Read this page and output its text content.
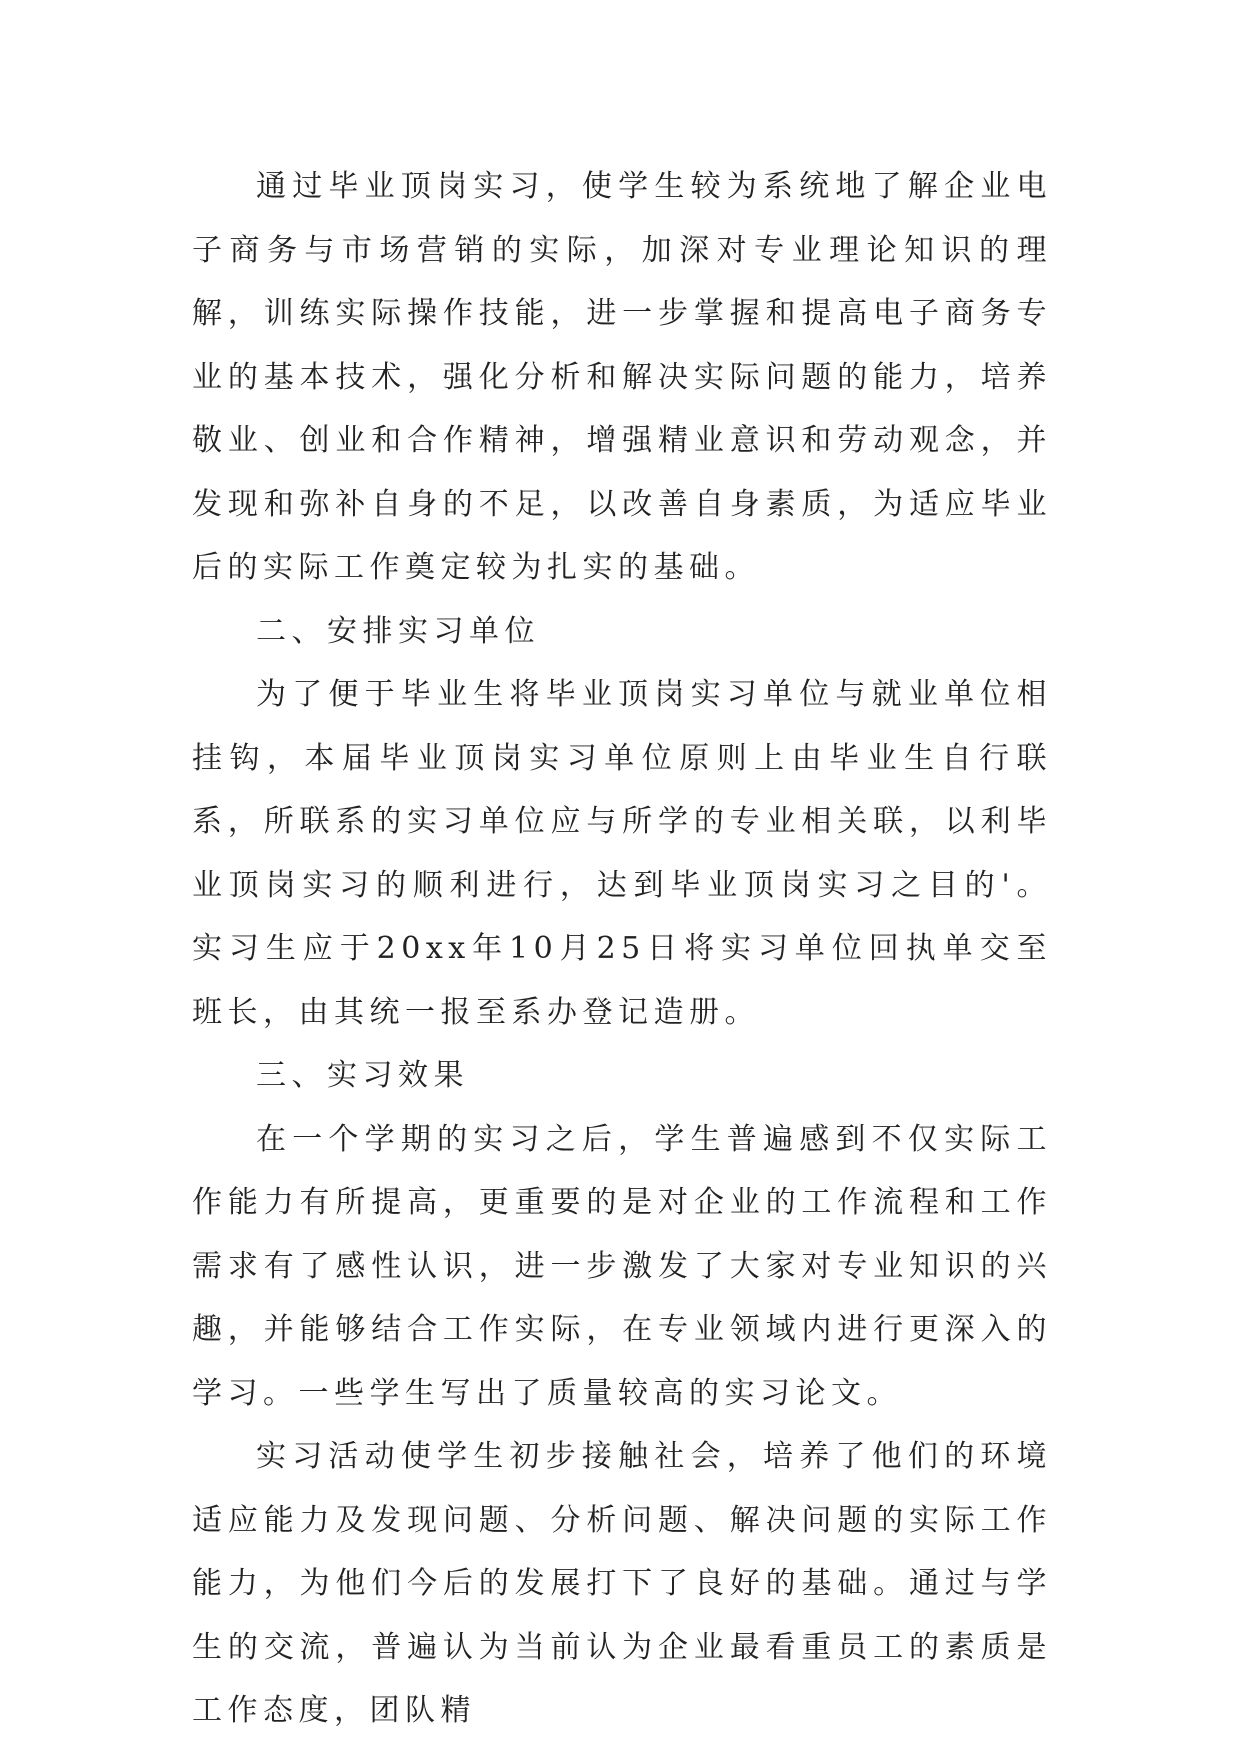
通过毕业顶岗实习，使学生较为系统地了解企业电子商务与市场营销的实际，加深对专业理论知识的理解，训练实际操作技能，进一步掌握和提高电子商务专业的基本技术，强化分析和解决实际问题的能力，培养敬业、创业和合作精神，增强精业意识和劳动观念，并发现和弥补自身的不足，以改善自身素质，为适应毕业后的实际工作奠定较为扎实的基础。

二、安排实习单位

为了便于毕业生将毕业顶岗实习单位与就业单位相挂钩，本届毕业顶岗实习单位原则上由毕业生自行联系，所联系的实习单位应与所学的专业相关联，以利毕业顶岗实习的顺利进行，达到毕业顶岗实习之目的'。实习生应于20xx年10月25日将实习单位回执单交至班长，由其统一报至系办登记造册。

三、实习效果

在一个学期的实习之后，学生普遍感到不仅实际工作能力有所提高，更重要的是对企业的工作流程和工作需求有了感性认识，进一步激发了大家对专业知识的兴趣，并能够结合工作实际，在专业领域内进行更深入的学习。一些学生写出了质量较高的实习论文。

实习活动使学生初步接触社会，培养了他们的环境适应能力及发现问题、分析问题、解决问题的实际工作能力，为他们今后的发展打下了良好的基础。通过与学生的交流，普遍认为当前认为企业最看重员工的素质是工作态度，团队精
